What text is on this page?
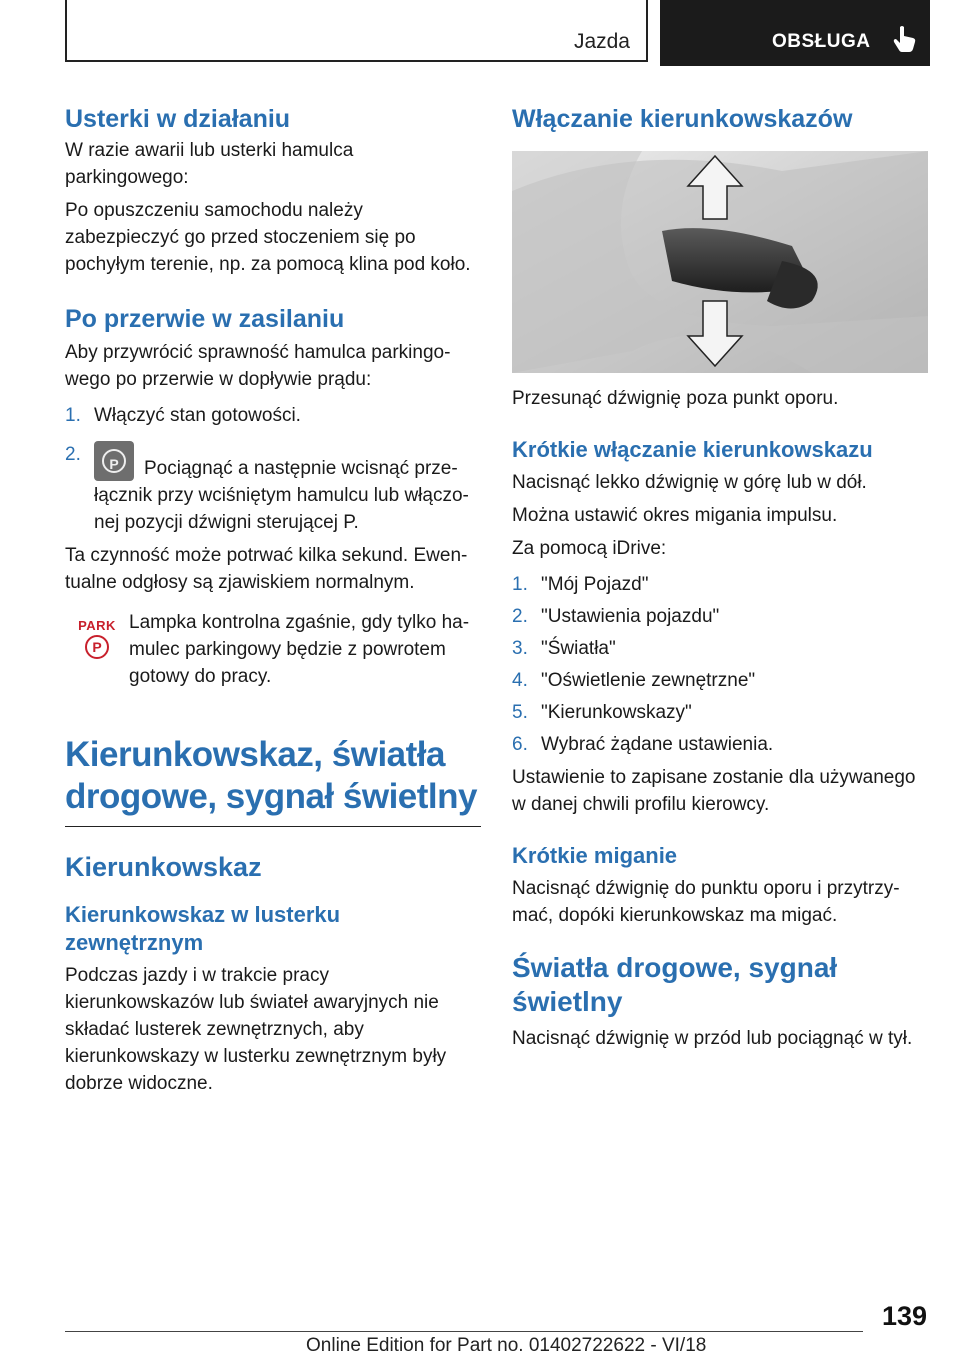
Jazda	OBSŁUGA
Usterki w działaniu

W razie awarii lub usterki hamulca parkingowego:

Po opuszczeniu samochodu należy zabezpieczyć go przed stoczeniem się po pochyłym terenie, np. za pomocą klina pod koło.

Po przerwie w zasilaniu

Aby przywrócić sprawność hamulca parkingowego po przerwie w dopływie prądu:

1. Włączyć stan gotowości.
2.	P	Pociągnąć a następnie wcisnąć przełącznik przy wciśniętym hamulcu lub włączonej pozycji dźwigni sterującej P.

Ta czynność może potrwać kilka sekund. Ewentualne odgłosy są zjawiskiem normalnym.

PARK
P

Lampka kontrolna zgaśnie, gdy tylko hamulec parkingowy będzie z powrotem gotowy do pracy.

Kierunkowskaz, światła drogowe, sygnał świetlny
Kierunkowskaz
Kierunkowskaz w lusterku zewnętrznym

Podczas jazdy i w trakcie pracy kierunkowskazów lub świateł awaryjnych nie składać lusterek zewnętrznych, aby kierunkowskazy w lusterku zewnętrznym były dobrze widoczne.

Włączanie kierunkowskazów

Przesunąć dźwignię poza punkt oporu.

Krótkie włączanie kierunkowskazu

Nacisnąć lekko dźwignię w górę lub w dół.

Można ustawić okres migania impulsu.

Za pomocą iDrive:

1. "Mój Pojazd"
2. "Ustawienia pojazdu"
3. "Światła"
4. "Oświetlenie zewnętrzne"
5. "Kierunkowskazy"
6. Wybrać żądane ustawienia.

Ustawienie to zapisane zostanie dla używanego w danej chwili profilu kierowcy.

Krótkie miganie

Nacisnąć dźwignię do punktu oporu i przytrzymać, dopóki kierunkowskaz ma migać.

Światła drogowe, sygnał świetlny

Nacisnąć dźwignię w przód lub pociągnąć w tył.

139
Online Edition for Part no. 01402722622 - VI/18
